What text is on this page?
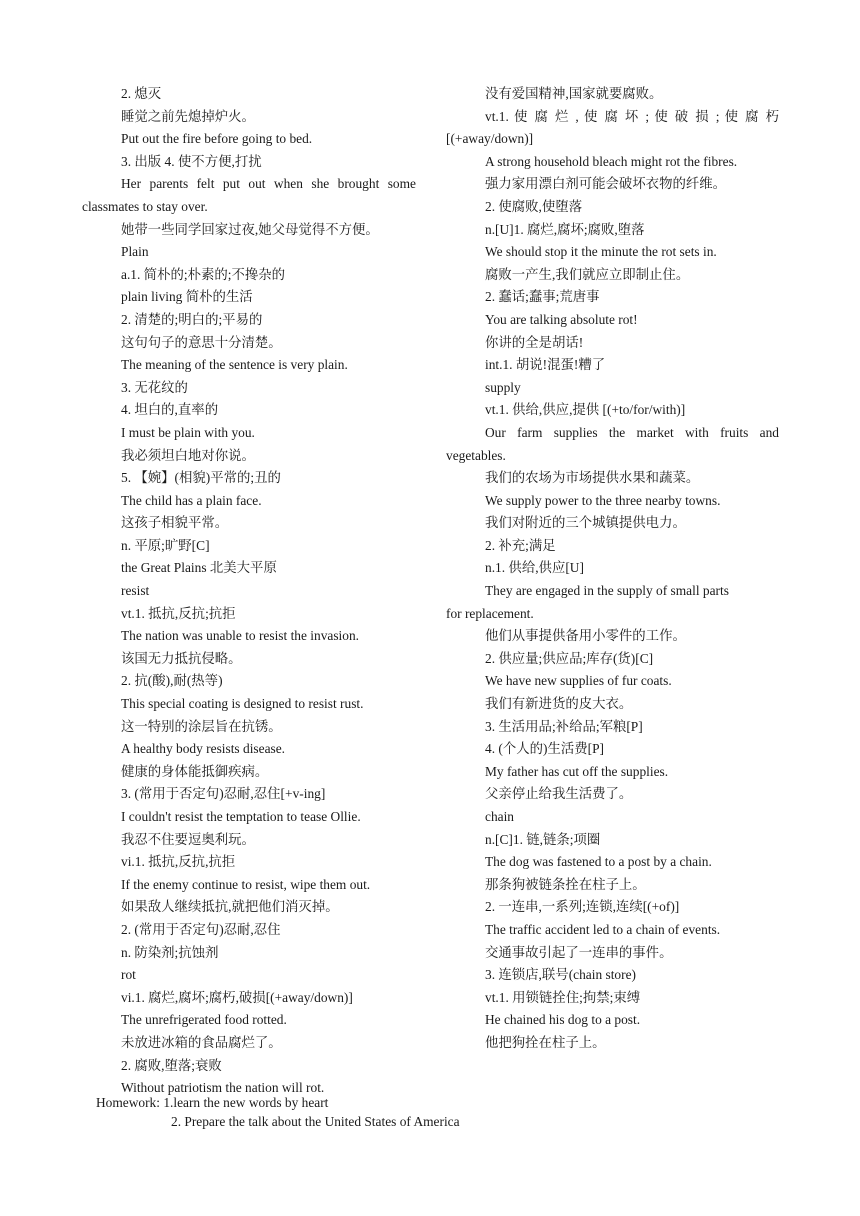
2. 熄灭
睡觉之前先熄掉炉火。
Put out the fire before going to bed.
3. 出版 4. 使不方便,打扰
Her parents felt put out when she brought some
classmates to stay over.
她带一些同学回家过夜,她父母觉得不方便。
Plain
a.1. 简朴的;朴素的;不搀杂的
plain living 简朴的生活
2. 清楚的;明白的;平易的
这句句子的意思十分清楚。
The meaning of the sentence is very plain.
3. 无花纹的
4. 坦白的,直率的
I must be plain with you.
我必须坦白地对你说。
5. 【婉】(相貌)平常的;丑的
The child has a plain face.
这孩子相貌平常。
n. 平原;旷野[C]
the Great Plains 北美大平原
resist
vt.1. 抵抗,反抗;抗拒
The nation was unable to resist the invasion.
该国无力抵抗侵略。
2. 抗(酸),耐(热等)
This special coating is designed to resist rust.
这一特别的涂层旨在抗锈。
A healthy body resists disease.
健康的身体能抵御疾病。
3. (常用于否定句)忍耐,忍住[+v-ing]
I couldn't resist the temptation to tease Ollie.
我忍不住要逗奥利玩。
vi.1. 抵抗,反抗,抗拒
If the enemy continue to resist, wipe them out.
如果敌人继续抵抗,就把他们消灭掉。
2. (常用于否定句)忍耐,忍住
n. 防染剂;抗蚀剂
rot
vi.1. 腐烂,腐坏;腐朽,破损[(+away/down)]
The unrefrigerated food rotted.
未放进冰箱的食品腐烂了。
2. 腐败,堕落;衰败
Without patriotism the nation will rot.
没有爱国精神,国家就要腐败。
vt.1. 使 腐 烂 , 使 腐 坏 ; 使 破 损 ; 使 腐 朽
[(+away/down)]
A strong household bleach might rot the fibres.
强力家用漂白剂可能会破坏衣物的纤维。
2. 使腐败,使堕落
n.[U]1. 腐烂,腐坏;腐败,堕落
We should stop it the minute the rot sets in.
腐败一产生,我们就应立即制止住。
2. 蠢话;蠢事;荒唐事
You are talking absolute rot!
你讲的全是胡话!
int.1. 胡说!混蛋!糟了
supply
vt.1. 供给,供应,提供 [(+to/for/with)]
Our farm supplies the market with fruits and
vegetables.
我们的农场为市场提供水果和蔬菜。
We supply power to the three nearby towns.
我们对附近的三个城镇提供电力。
2. 补充;满足
n.1. 供给,供应[U]
They are engaged in the supply of small parts
for replacement.
他们从事提供备用小零件的工作。
2. 供应量;供应品;库存(货)[C]
We have new supplies of fur coats.
我们有新进货的皮大衣。
3. 生活用品;补给品;军粮[P]
4. (个人的)生活费[P]
My father has cut off the supplies.
父亲停止给我生活费了。
chain
n.[C]1. 链,链条;项圈
The dog was fastened to a post by a chain.
那条狗被链条拴在柱子上。
2. 一连串,一系列;连锁,连续[(+of)]
The traffic accident led to a chain of events.
交通事故引起了一连串的事件。
3. 连锁店,联号(chain store)
vt.1. 用锁链拴住;拘禁;束缚
He chained his dog to a post.
他把狗拴在柱子上。
Homework: 1.learn the new words by heart
2. Prepare the talk about the United States of America
